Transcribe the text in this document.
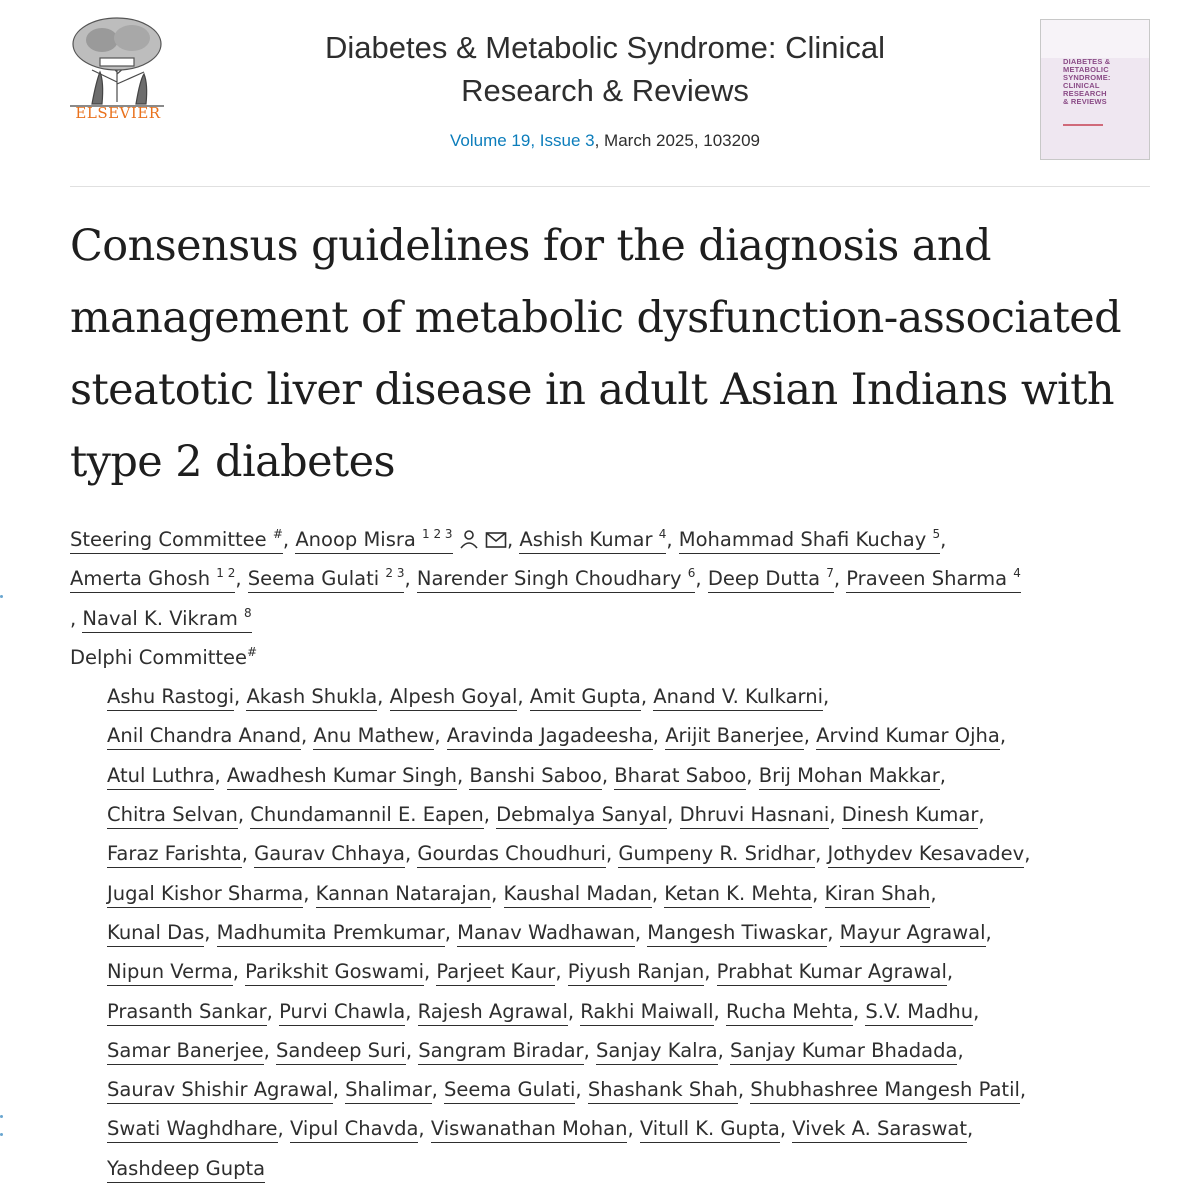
ELSEVIER
Diabetes & Metabolic Syndrome: Clinical
Research & Reviews
Volume 19, Issue 3, March 2025, 103209
DIABETES &
METABOLIC
SYNDROME:
CLINICAL
RESEARCH
& REVIEWS
Consensus guidelines for the diagnosis and management of metabolic dysfunction-associated steatotic liver disease in adult Asian Indians with type 2 diabetes
Steering Committee #, Anoop Misra $^{1 2 3}$	, Ashish Kumar $^4$, Mohammad Shafi Kuchay $^5$,
Amerta Ghosh $^{1 2}$, Seema Gulati $^{2 3}$, Narender Singh Choudhary $^6$, Deep Dutta $^7$, Praveen Sharma $^4$
, Naval K. Vikram $^8$
Delphi Committee#
Ashu Rastogi, Akash Shukla, Alpesh Goyal, Amit Gupta, Anand V. Kulkarni,
Anil Chandra Anand, Anu Mathew, Aravinda Jagadeesha, Arijit Banerjee, Arvind Kumar Ojha,
Atul Luthra, Awadhesh Kumar Singh, Banshi Saboo, Bharat Saboo, Brij Mohan Makkar,
Chitra Selvan, Chundamannil E. Eapen, Debmalya Sanyal, Dhruvi Hasnani, Dinesh Kumar,
Faraz Farishta, Gaurav Chhaya, Gourdas Choudhuri, Gumpeny R. Sridhar, Jothydev Kesavadev,
Jugal Kishor Sharma, Kannan Natarajan, Kaushal Madan, Ketan K. Mehta, Kiran Shah,
Kunal Das, Madhumita Premkumar, Manav Wadhawan, Mangesh Tiwaskar, Mayur Agrawal,
Nipun Verma, Parikshit Goswami, Parjeet Kaur, Piyush Ranjan, Prabhat Kumar Agrawal,
Prasanth Sankar, Purvi Chawla, Rajesh Agrawal, Rakhi Maiwall, Rucha Mehta, S.V. Madhu,
Samar Banerjee, Sandeep Suri, Sangram Biradar, Sanjay Kalra, Sanjay Kumar Bhadada,
Saurav Shishir Agrawal, Shalimar, Seema Gulati, Shashank Shah, Shubhashree Mangesh Patil,
Swati Waghdhare, Vipul Chavda, Viswanathan Mohan, Vitull K. Gupta, Vivek A. Saraswat,
Yashdeep Gupta
